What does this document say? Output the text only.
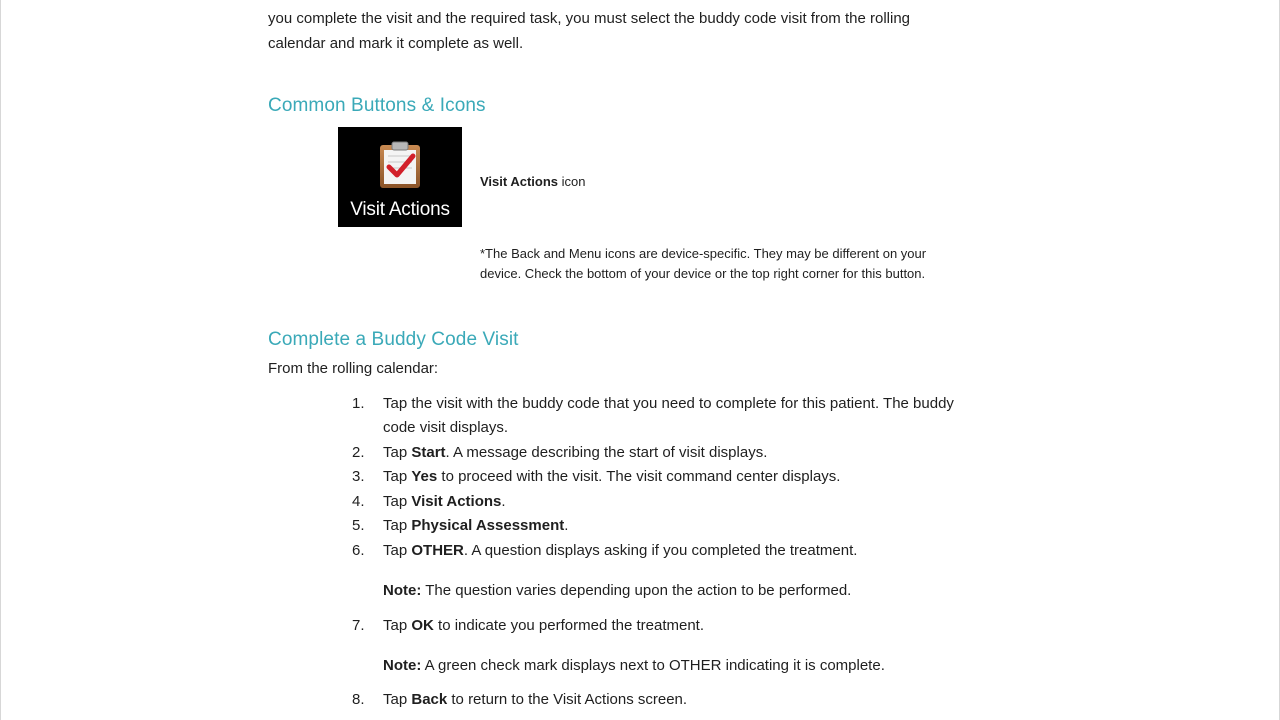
you complete the visit and the required task, you must select the buddy code visit from the rolling
calendar and mark it complete as well.
Common Buttons & Icons
Visit Actions
Visit Actions icon
*The Back and Menu icons are device-specific. They may be different on your
device. Check the bottom of your device or the top right corner for this button.
Complete a Buddy Code Visit
From the rolling calendar:
1.	Tap the visit with the buddy code that you need to complete for this patient. The buddy
code visit displays.
2.	Tap Start. A message describing the start of visit displays.
3.	Tap Yes to proceed with the visit. The visit command center displays.
4.	Tap Visit Actions.
5.	Tap Physical Assessment.
6.	Tap OTHER. A question displays asking if you completed the treatment.
Note: The question varies depending upon the action to be performed.
7.	Tap OK to indicate you performed the treatment.
Note: A green check mark displays next to OTHER indicating it is complete.
8.	Tap Back to return to the Visit Actions screen.
